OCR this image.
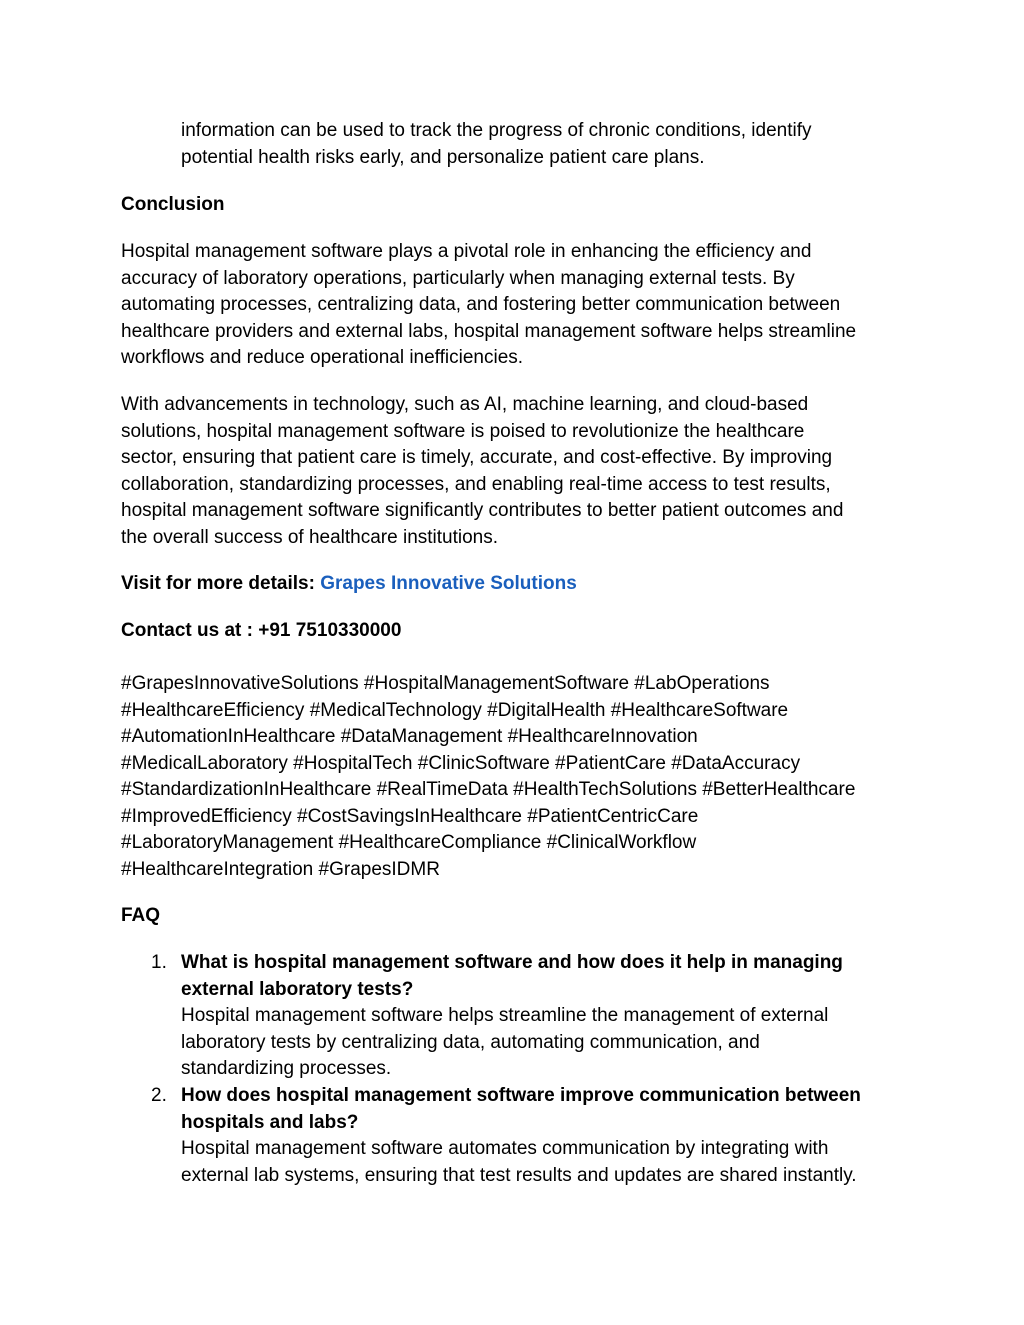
information can be used to track the progress of chronic conditions, identify
potential health risks early, and personalize patient care plans.
Conclusion
Hospital management software plays a pivotal role in enhancing the efficiency and
accuracy of laboratory operations, particularly when managing external tests. By
automating processes, centralizing data, and fostering better communication between
healthcare providers and external labs, hospital management software helps streamline
workflows and reduce operational inefficiencies.
With advancements in technology, such as AI, machine learning, and cloud-based
solutions, hospital management software is poised to revolutionize the healthcare
sector, ensuring that patient care is timely, accurate, and cost-effective. By improving
collaboration, standardizing processes, and enabling real-time access to test results,
hospital management software significantly contributes to better patient outcomes and
the overall success of healthcare institutions.
Visit for more details: Grapes Innovative Solutions
Contact us at : +91 7510330000
#GrapesInnovativeSolutions #HospitalManagementSoftware #LabOperations
#HealthcareEfficiency #MedicalTechnology #DigitalHealth #HealthcareSoftware
#AutomationInHealthcare #DataManagement #HealthcareInnovation
#MedicalLaboratory #HospitalTech #ClinicSoftware #PatientCare #DataAccuracy
#StandardizationInHealthcare #RealTimeData #HealthTechSolutions #BetterHealthcare
#ImprovedEfficiency #CostSavingsInHealthcare #PatientCentricCare
#LaboratoryManagement #HealthcareCompliance #ClinicalWorkflow
#HealthcareIntegration #GrapesIDMR
FAQ
1. What is hospital management software and how does it help in managing
external laboratory tests?
Hospital management software helps streamline the management of external
laboratory tests by centralizing data, automating communication, and
standardizing processes.
2. How does hospital management software improve communication between
hospitals and labs?
Hospital management software automates communication by integrating with
external lab systems, ensuring that test results and updates are shared instantly.
